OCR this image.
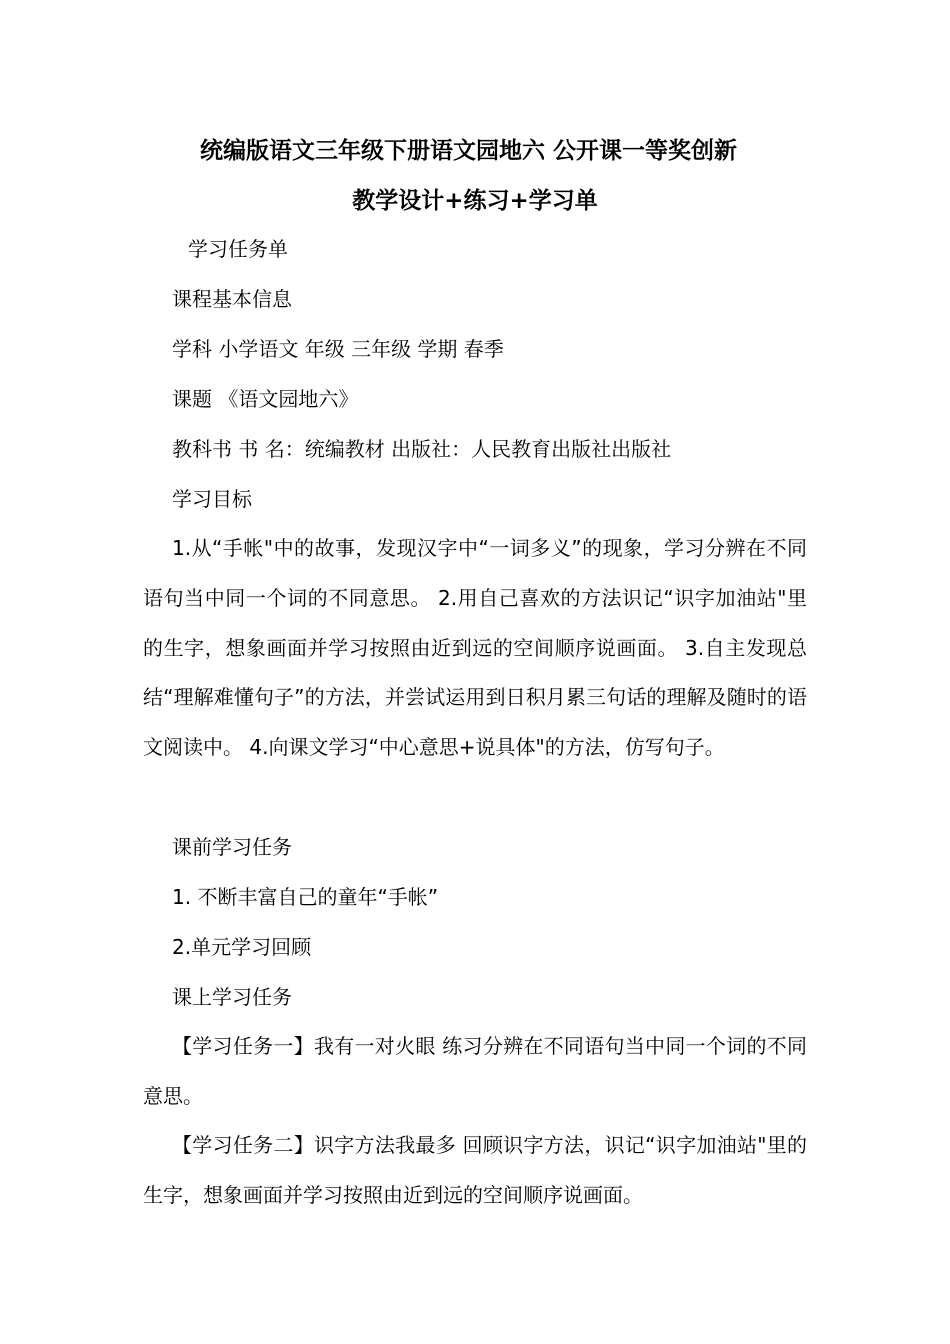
统编版语文三年级下册语文园地六 公开课一等奖创新
教学设计+练习+学习单
学习任务单
课程基本信息
学科 小学语文 年级 三年级 学期 春季
课题 《语文园地六》
教科书 书 名：统编教材 出版社：人民教育出版社出版社
学习目标
1.从“手帐"中的故事，发现汉字中“一词多义”的现象，学习分辨在不同 语句当中同一个词的不同意思。 2.用自己喜欢的方法识记“识字加油站"里的生字，想象画面并学习按照由近到远的空间顺序说画面。 3.自主发现总结“理解难懂句子”的方法，并尝试运用到日积月累三句话的理解及随时的语文阅读中。 4.向课文学习“中心意思+说具体"的方法，仿写句子。
课前学习任务
1. 不断丰富自己的童年“手帐”
2.单元学习回顾
课上学习任务
【学习任务一】我有一对火眼 练习分辨在不同语句当中同一个词的不同意思。
【学习任务二】识字方法我最多 回顾识字方法，识记“识字加油站"里的生字，想象画面并学习按照由近到远的空间顺序说画面。
